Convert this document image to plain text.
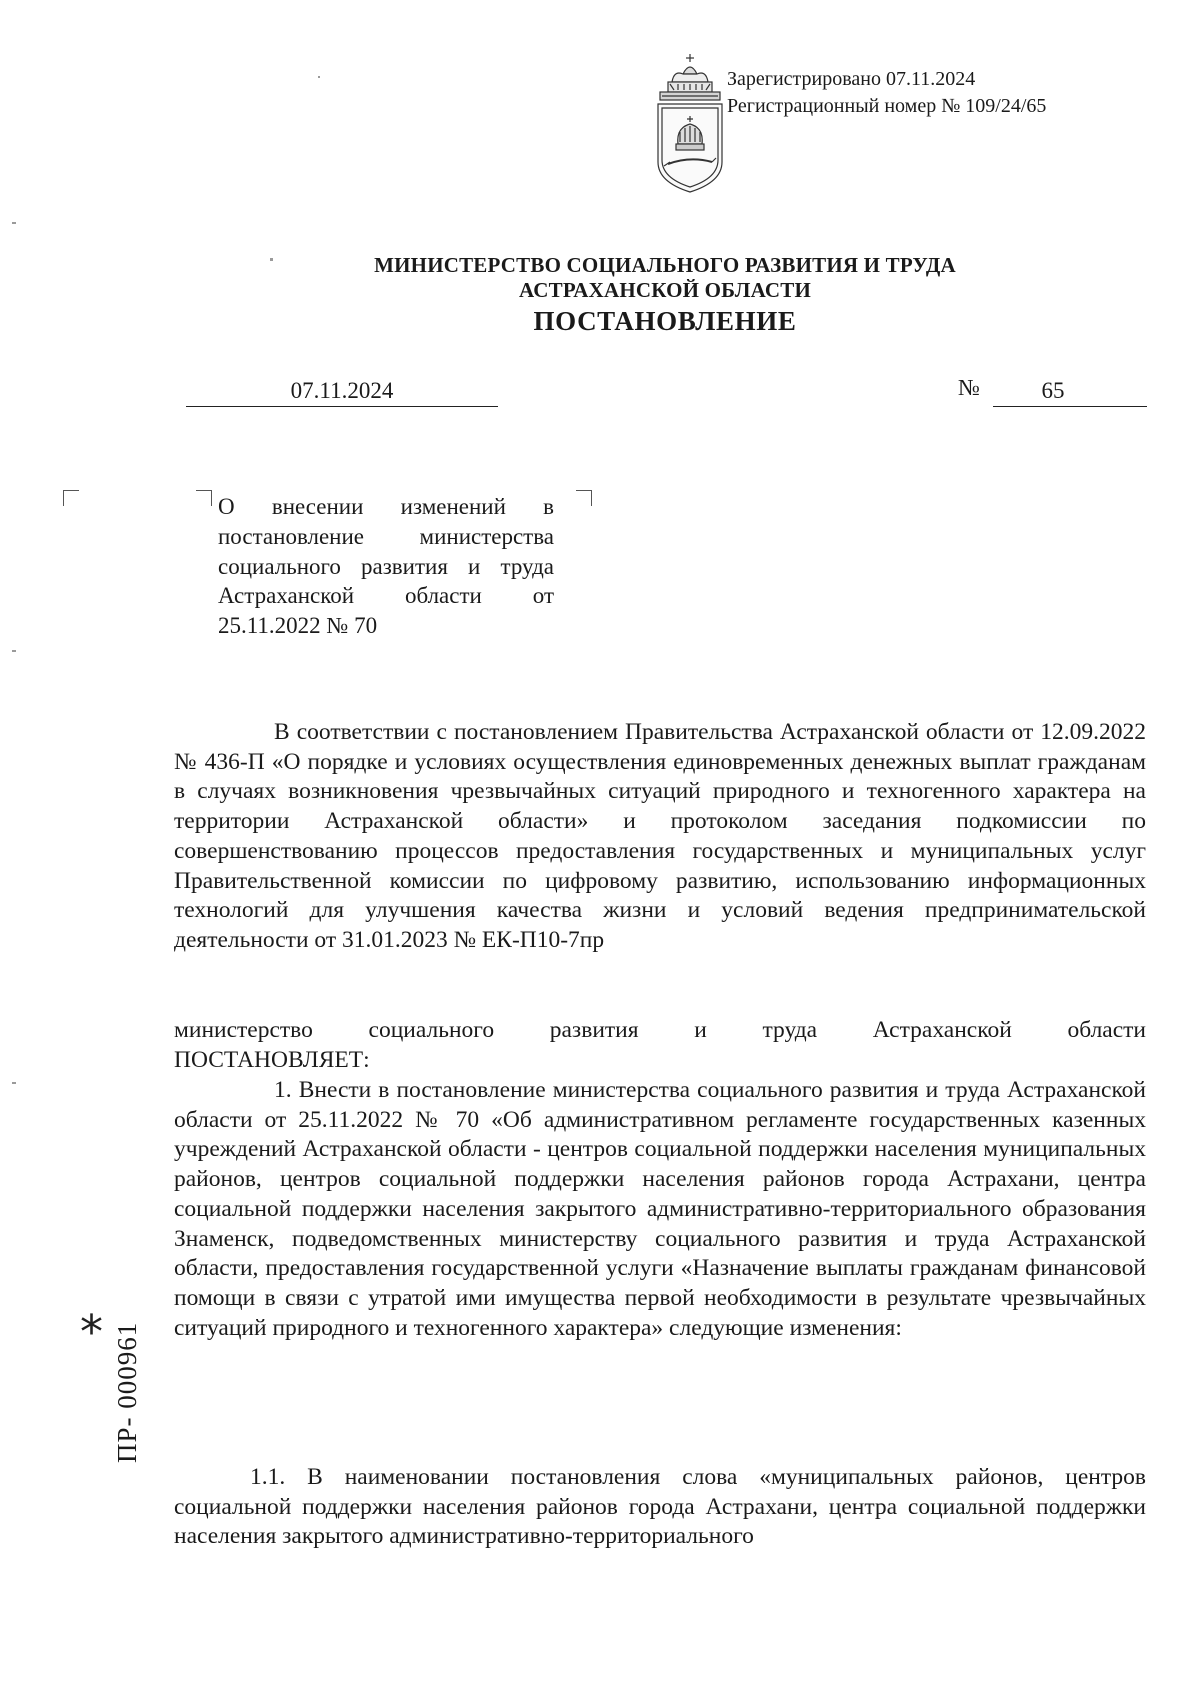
Зарегистрировано 07.11.2024
Регистрационный номер № 109/24/65
МИНИСТЕРСТВО СОЦИАЛЬНОГО РАЗВИТИЯ И ТРУДА
АСТРАХАНСКОЙ ОБЛАСТИ
ПОСТАНОВЛЕНИЕ
07.11.2024	№	65
О внесении изменений в постановление министерства социального развития и труда Астраханской области от 25.11.2022 № 70
В соответствии с постановлением Правительства Астраханской области от 12.09.2022 № 436-П «О порядке и условиях осуществления единовременных денежных выплат гражданам в случаях возникновения чрезвычайных ситуаций природного и техногенного характера на территории Астраханской области» и протоколом заседания подкомиссии по совершенствованию процессов предоставления государственных и муниципальных услуг Правительственной комиссии по цифровому развитию, использованию информационных технологий для улучшения качества жизни и условий ведения предпринимательской деятельности от 31.01.2023 № ЕК-П10-7пр
министерство социального развития и труда Астраханской области
ПОСТАНОВЛЯЕТ:
1. Внести в постановление министерства социального развития и труда Астраханской области от 25.11.2022 № 70 «Об административном регламенте государственных казенных учреждений Астраханской области - центров социальной поддержки населения муниципальных районов, центров социальной поддержки населения районов города Астрахани, центра социальной поддержки населения закрытого административно-территориального образования Знаменск, подведомственных министерству социального развития и труда Астраханской области, предоставления государственной услуги «Назначение выплаты гражданам финансовой помощи в связи с утратой ими имущества первой необходимости в результате чрезвычайных ситуаций природного и техногенного характера» следующие изменения:
1.1. В наименовании постановления слова «муниципальных районов, центров социальной поддержки населения районов города Астрахани, центра социальной поддержки населения закрытого административно-территориального
* ПР- 000961
